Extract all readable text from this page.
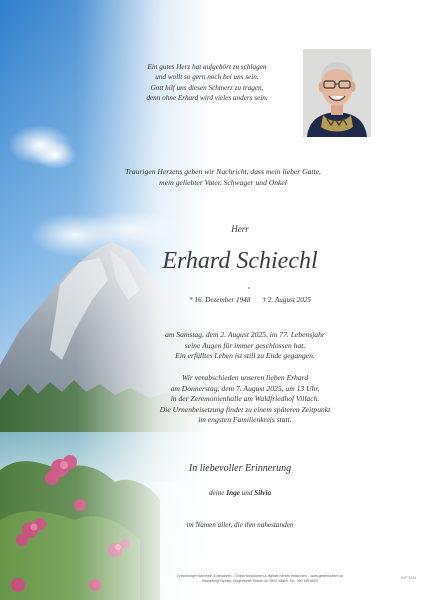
Ein gutes Herz hat aufgehört zu schlagen
und wollt so gern noch bei uns sein.
Gott hilf uns diesen Schmerz zu tragen,
denn ohne Erhard wird vieles anders sein.
Traurigen Herzens geben wir Nachricht, dass mein lieber Gatte,
mein geliebter Vater, Schwager und Onkel
Herr
Erhard Schiechl
* 16. Dezember 1948 † 2. August 2025
am Samstag, dem 2. August 2025, im 77. Lebensjahr
seine Augen für immer geschlossen hat.
Ein erfülltes Leben ist still zu Ende gegangen.
Wir verabschieden unseren lieben Erhard
am Donnerstag, dem 7. August 2025, um 13 Uhr,
in der Zeremonienhalle am Waldfriedhof Villach.
Die Urnenbeisetzung findet zu einem späteren Zeitpunkt
im engsten Familienkreis statt.
In liebevoller Erinnerung
deine Inge und Silvia
im Namen aller, die ihm nahestanden
Erinnerungen sammeln & bewahren – Online kondolieren & digitale Kerzen entzünden – www.gedenkseiten.at
Bestattung Kärnten, Klagenfurter Straße 44, 9500 Villach, Tel.: 050 199 6600
SVP 9234
